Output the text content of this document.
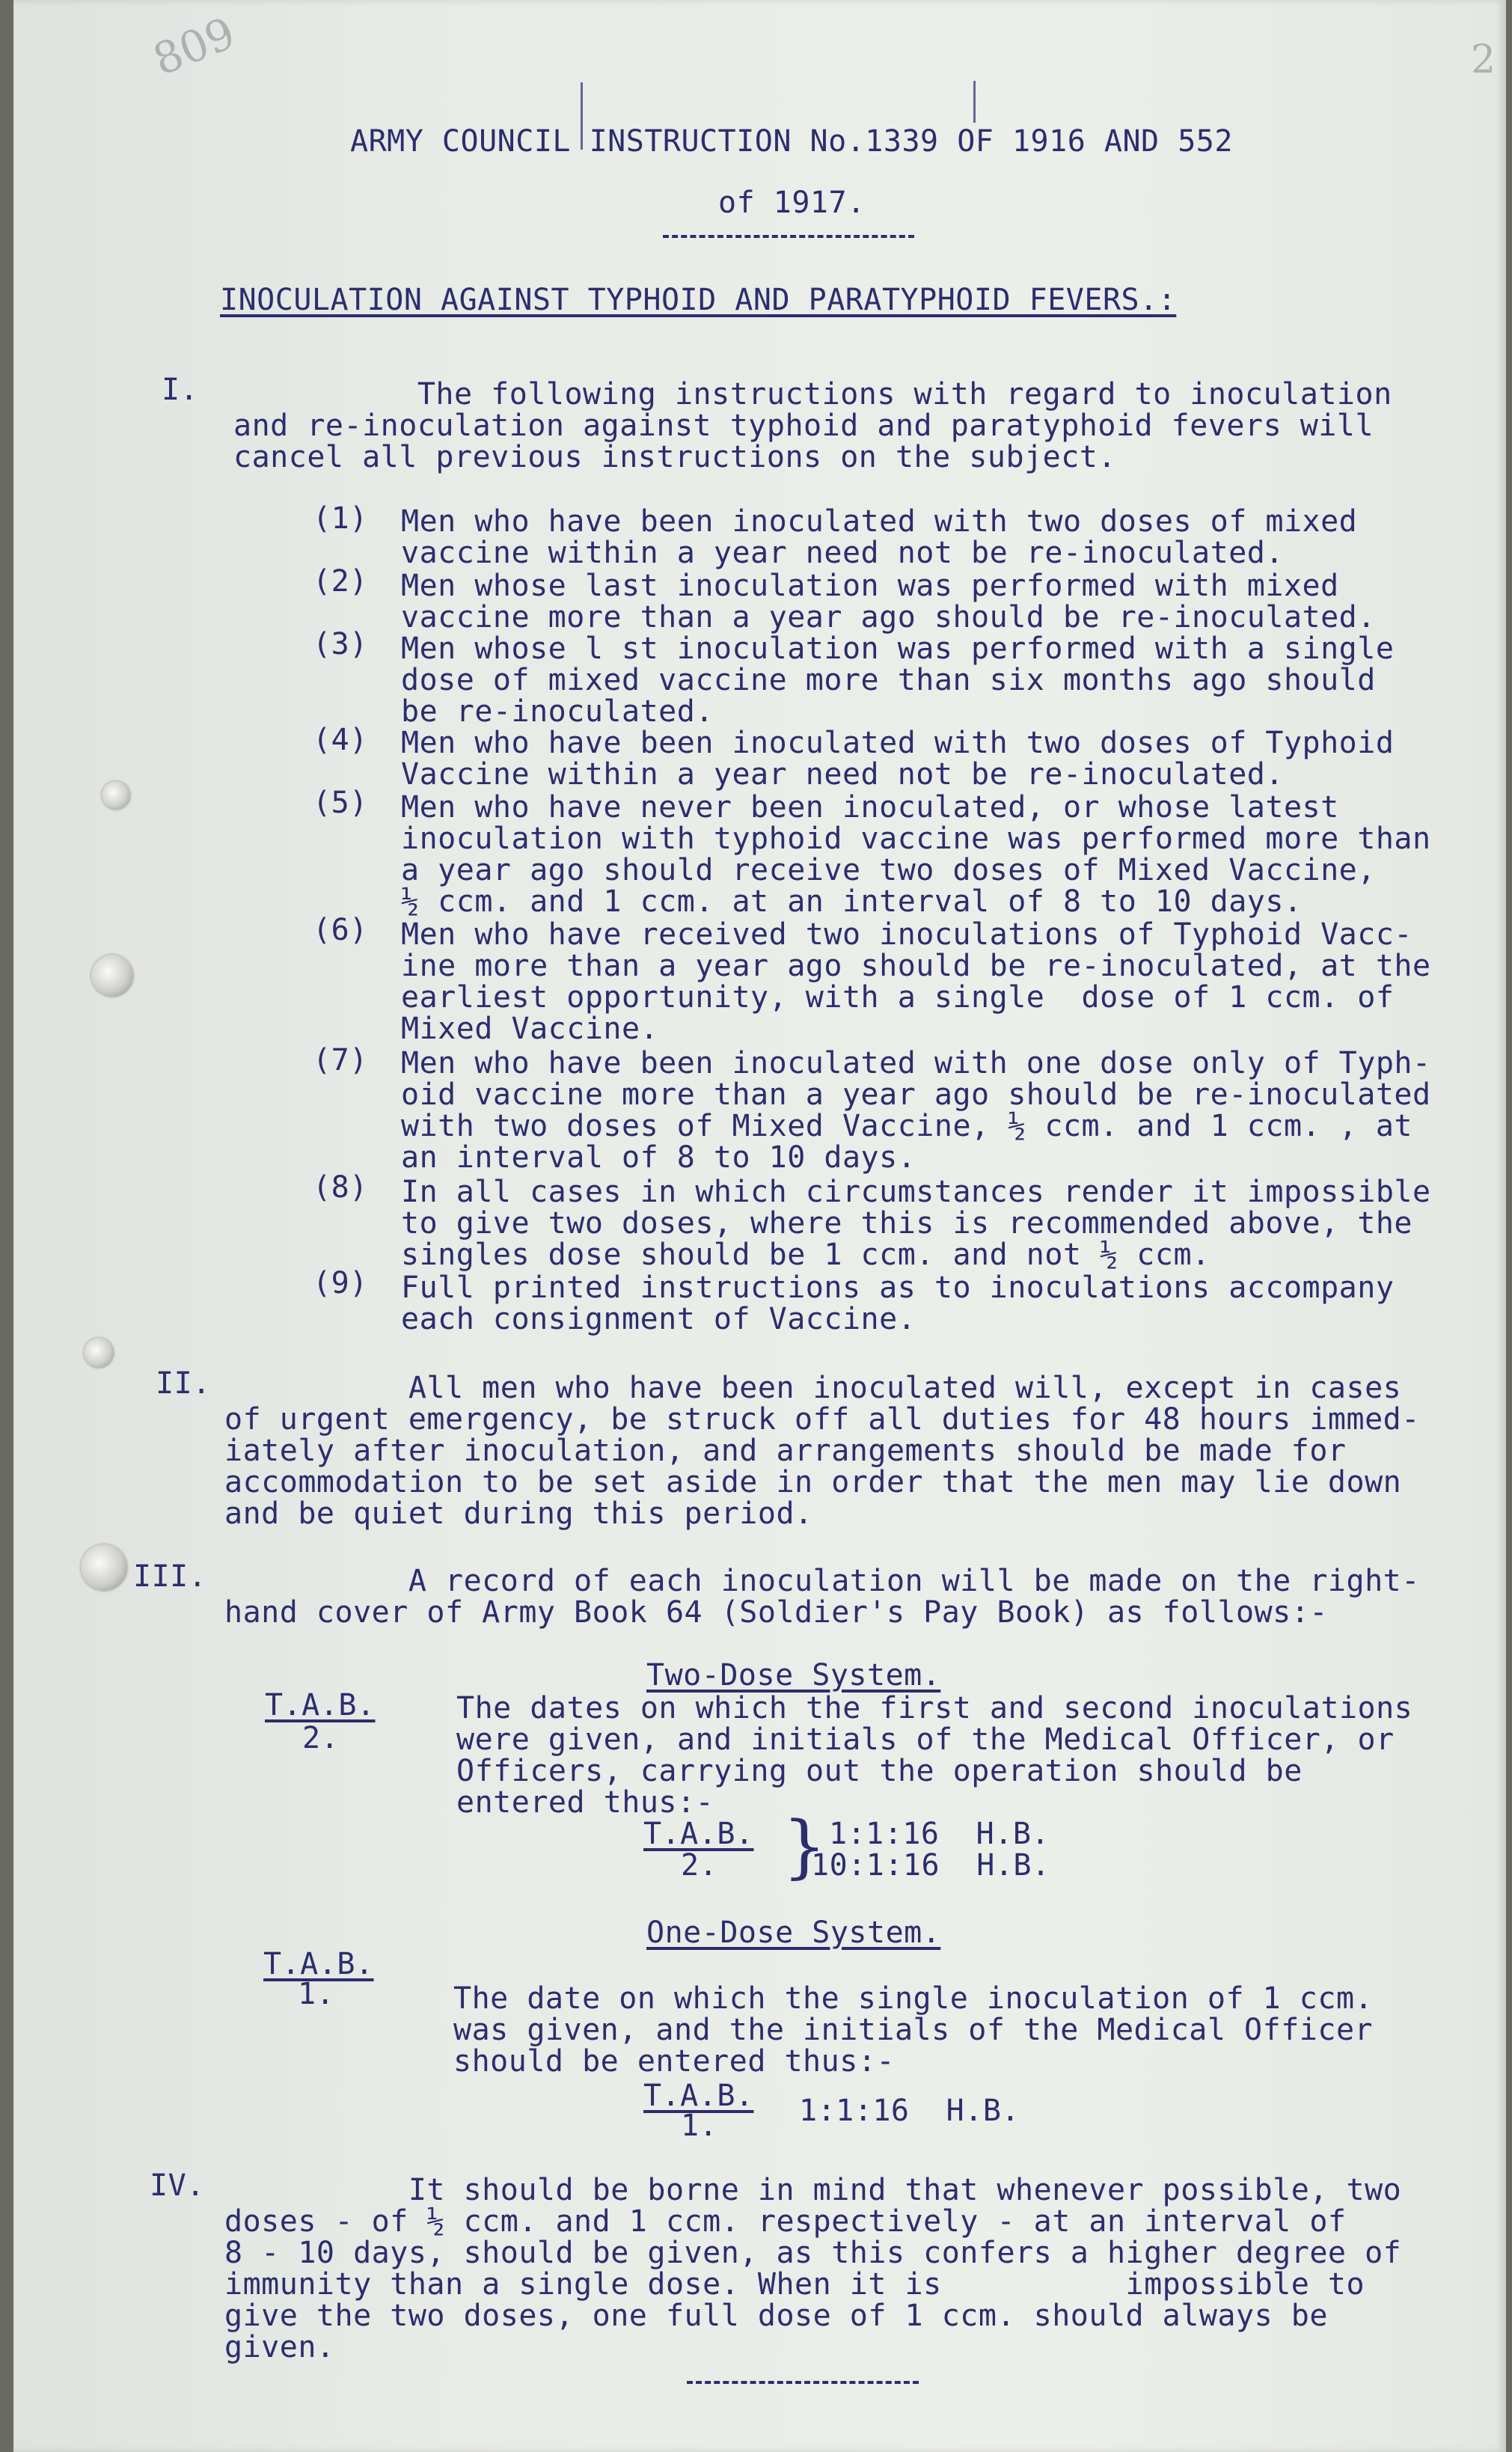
809	2

ARMY COUNCIL INSTRUCTION No.1339 OF 1916 AND 552

of 1917.

INOCULATION AGAINST TYPHOID AND PARATYPHOID FEVERS.:

I. The following instructions with regard to inoculation

and re-inoculation against typhoid and paratyphoid fevers will

cancel all previous instructions on the subject.

(1) Men who have been inoculated with two doses of mixed

vaccine within a year need not be re-inoculated.

(2) Men whose last inoculation was performed with mixed

vaccine more than a year ago should be re-inoculated.

(3) Men whose l st inoculation was performed with a single

dose of mixed vaccine more than six months ago should

be re-inoculated.

(4) Men who have been inoculated with two doses of Typhoid

Vaccine within a year need not be re-inoculated.

(5) Men who have never been inoculated, or whose latest

inoculation with typhoid vaccine was performed more than

a year ago should receive two doses of Mixed Vaccine,

½ ccm. and 1 ccm. at an interval of 8 to 10 days.

(6) Men who have received two inoculations of Typhoid Vacc-

ine more than a year ago should be re-inoculated, at the

earliest opportunity, with a single  dose of 1 ccm. of

Mixed Vaccine.

(7) Men who have been inoculated with one dose only of Typh-

oid vaccine more than a year ago should be re-inoculated

with two doses of Mixed Vaccine, ½ ccm. and 1 ccm. , at

an interval of 8 to 10 days.

(8) In all cases in which circumstances render it impossible

to give two doses, where this is recommended above, the

singles dose should be 1 ccm. and not ½ ccm.

(9) Full printed instructions as to inoculations accompany

each consignment of Vaccine.

II. All men who have been inoculated will, except in cases

of urgent emergency, be struck off all duties for 48 hours immed-

iately after inoculation, and arrangements should be made for

accommodation to be set aside in order that the men may lie down

and be quiet during this period.

III. A record of each inoculation will be made on the right-

hand cover of Army Book 64 (Soldier's Pay Book) as follows:-

Two-Dose System.

T.A.B.

2.

The dates on which the first and second inoculations

were given, and initials of the Medical Officer, or

Officers, carrying out the operation should be

entered thus:-

T.A.B.

2. } 1:1:16  H.B.

10:1:16  H.B.

One-Dose System.

T.A.B.

1.	The date on which the single inoculation of 1 ccm.

was given, and the initials of the Medical Officer

should be entered thus:-

T.A.B.

1.	1:1:16  H.B.

IV. It should be borne in mind that whenever possible, two

doses - of ½ ccm. and 1 ccm. respectively - at an interval of

8 - 10 days, should be given, as this confers a higher degree of

immunity than a single dose. When it is          impossible to

give the two doses, one full dose of 1 ccm. should always be

given.
